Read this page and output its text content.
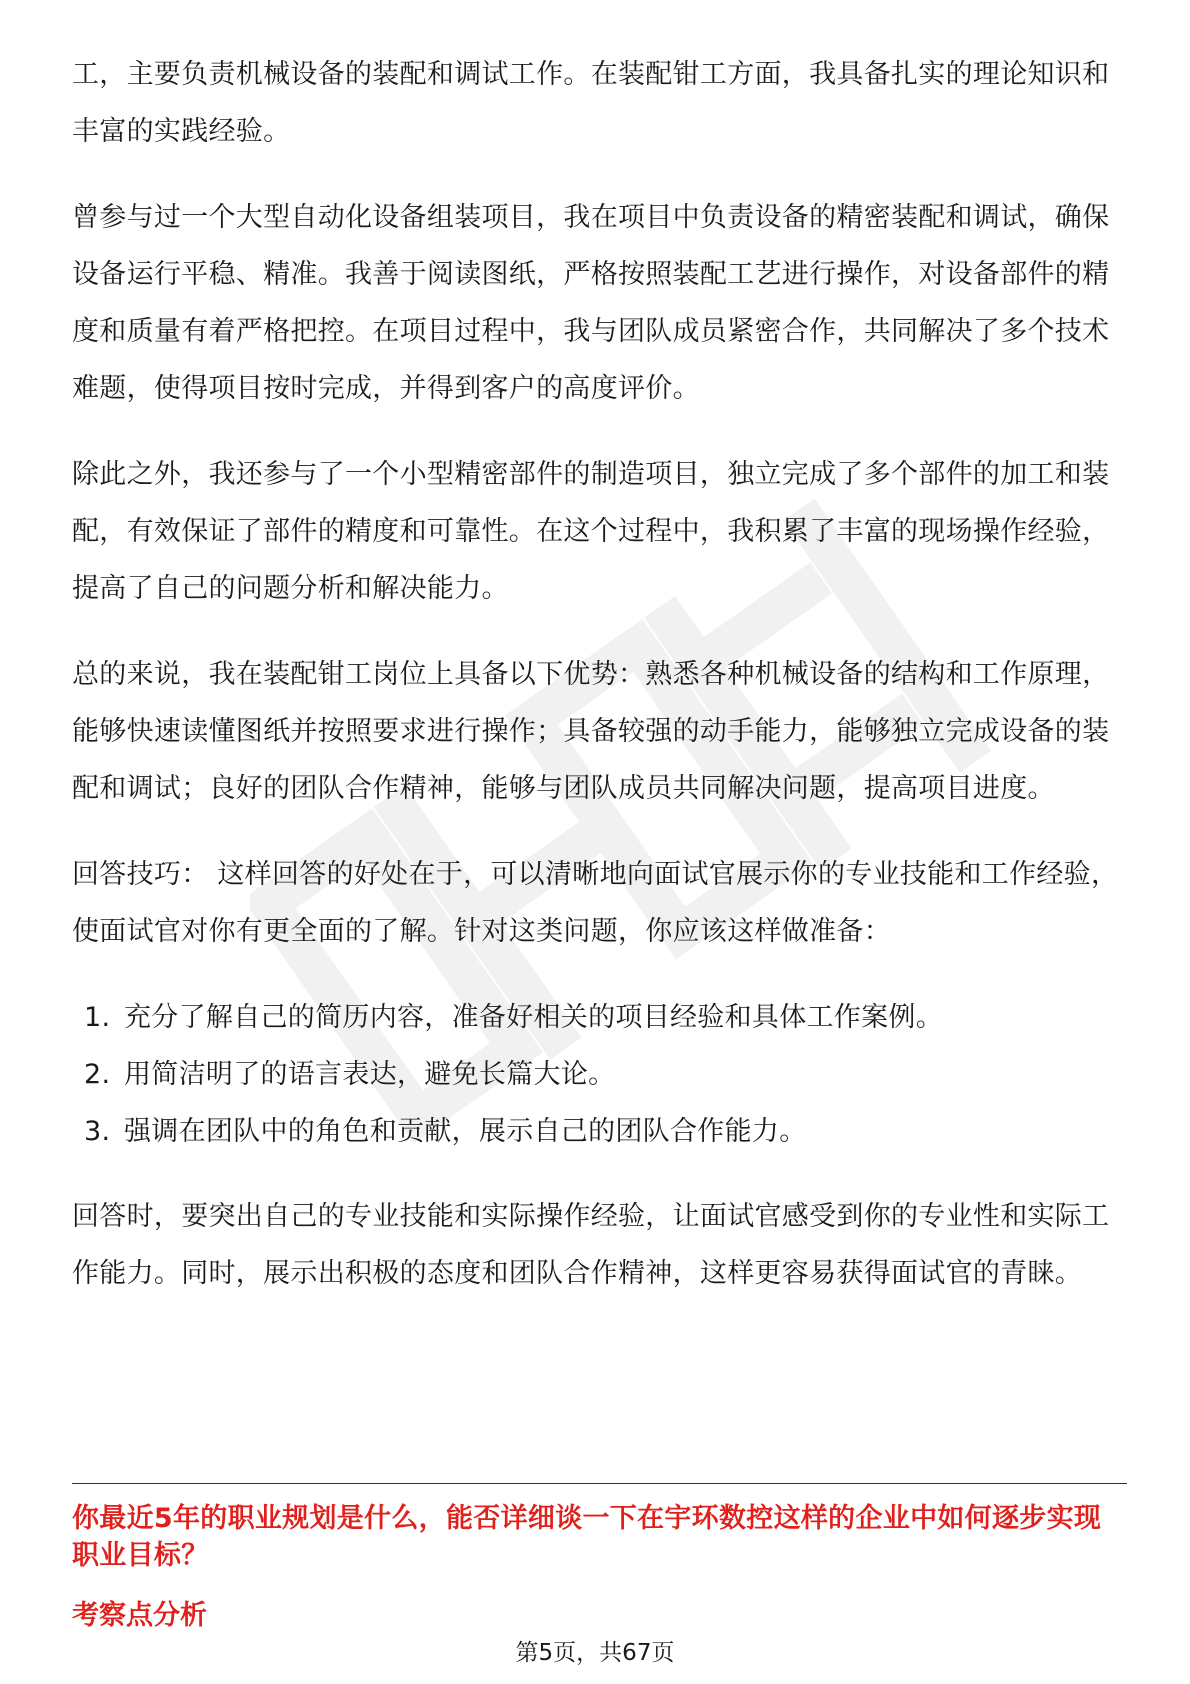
工，主要负责机械设备的装配和调试工作。在装配钳工方面，我具备扎实的理论知识和丰富的实践经验。

曾参与过一个大型自动化设备组装项目，我在项目中负责设备的精密装配和调试，确保设备运行平稳、精准。我善于阅读图纸，严格按照装配工艺进行操作，对设备部件的精度和质量有着严格把控。在项目过程中，我与团队成员紧密合作，共同解决了多个技术难题，使得项目按时完成，并得到客户的高度评价。

除此之外，我还参与了一个小型精密部件的制造项目，独立完成了多个部件的加工和装配，有效保证了部件的精度和可靠性。在这个过程中，我积累了丰富的现场操作经验，提高了自己的问题分析和解决能力。

总的来说，我在装配钳工岗位上具备以下优势：熟悉各种机械设备的结构和工作原理，能够快速读懂图纸并按照要求进行操作；具备较强的动手能力，能够独立完成设备的装配和调试；良好的团队合作精神，能够与团队成员共同解决问题，提高项目进度。

回答技巧： 这样回答的好处在于，可以清晰地向面试官展示你的专业技能和工作经验，使面试官对你有更全面的了解。针对这类问题，你应该这样做准备：

1. 充分了解自己的简历内容，准备好相关的项目经验和具体工作案例。
2. 用简洁明了的语言表达，避免长篇大论。
3. 强调在团队中的角色和贡献，展示自己的团队合作能力。

回答时，要突出自己的专业技能和实际操作经验，让面试官感受到你的专业性和实际工作能力。同时，展示出积极的态度和团队合作精神，这样更容易获得面试官的青睐。

你最近5年的职业规划是什么，能否详细谈一下在宇环数控这样的企业中如何逐步实现职业目标？
考察点分析
第5页，共67页
